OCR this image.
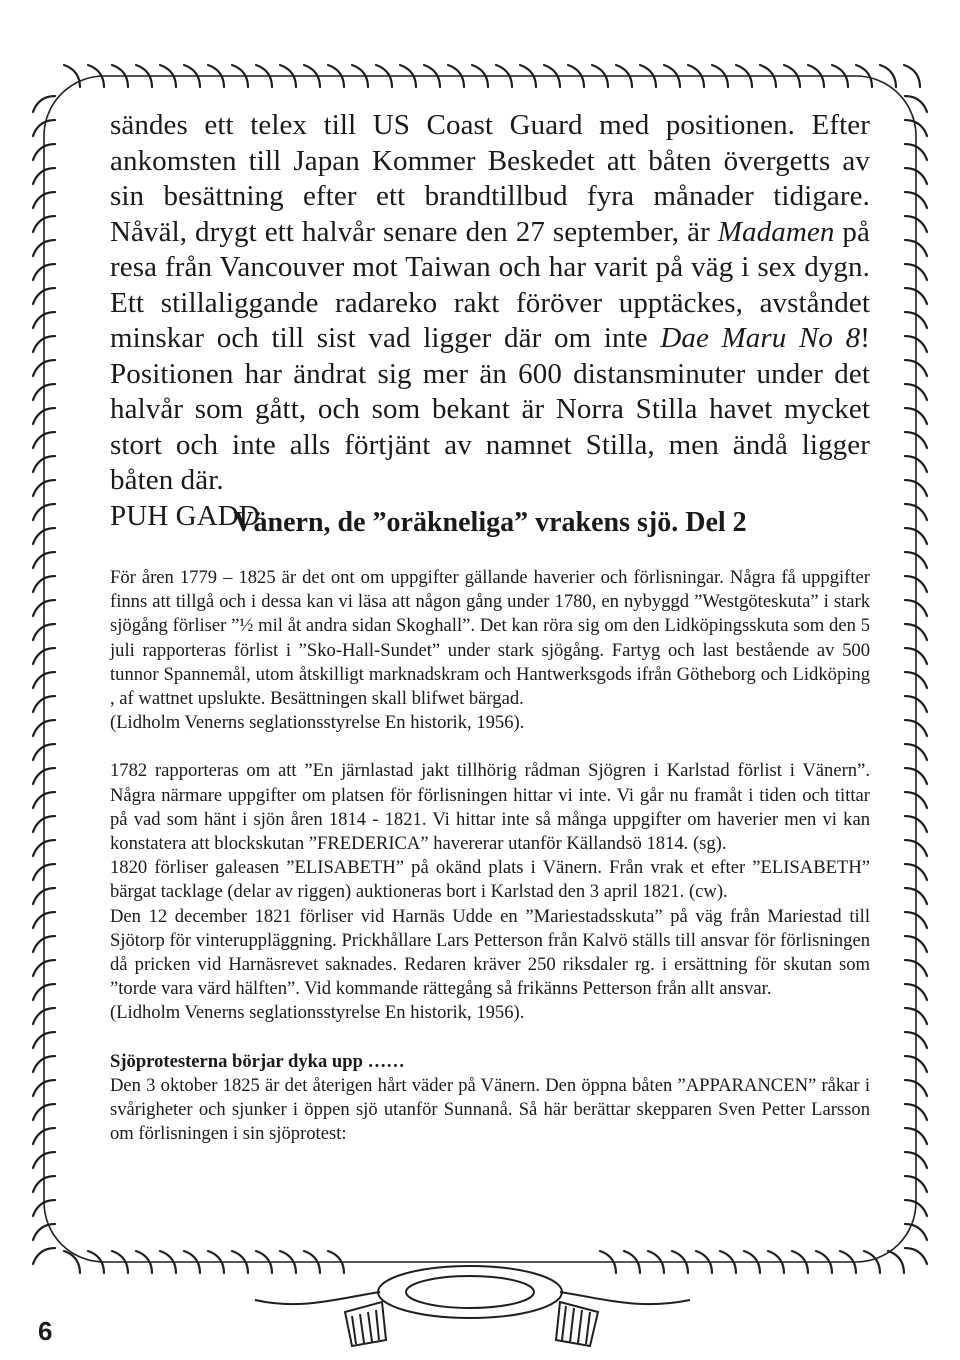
sändes ett telex till US Coast Guard med positionen. Efter ankomsten till Japan Kommer Beskedet att båten övergetts av sin besättning efter ett brandtillbud fyra månader tidigare. Nåväl, drygt ett halvår senare den 27 september, är Madamen på resa från Vancouver mot Taiwan och har varit på väg i sex dygn. Ett stillaliggande radareko rakt föröver upptäckes, avståndet minskar och till sist vad ligger där om inte Dae Maru No 8! Positionen har ändrat sig mer än 600 distansminuter under det halvår som gått, och som bekant är Norra Stilla havet mycket stort och inte alls förtjänt av namnet Stilla, men ändå ligger båten där.

PUH GADD.

Vänern, de ”oräkneliga” vrakens sjö. Del 2

För åren 1779 – 1825 är det ont om uppgifter gällande haverier och förlisningar. Några få uppgifter finns att tillgå och i dessa kan vi läsa att någon gång under 1780, en nybyggd ”Westgöteskuta” i stark sjögång förliser ”½ mil åt andra sidan Skoghall”. Det kan röra sig om den Lidköpingsskuta som den 5 juli rapporteras förlist i ”Sko-Hall-Sundet” under stark sjögång. Fartyg och last bestående av 500 tunnor Spannemål, utom åtskilligt marknadskram och Hantwerksgods ifrån Götheborg och Lidköping , af wattnet upslukte. Besättningen skall blifwet bärgad.

(Lidholm Venerns seglationsstyrelse En historik, 1956).

1782 rapporteras om att ”En järnlastad jakt tillhörig rådman Sjögren i Karlstad förlist i Vänern”. Några närmare uppgifter om platsen för förlisningen hittar vi inte. Vi går nu framåt i tiden och tittar på vad som hänt i sjön åren 1814 - 1821. Vi hittar inte så många uppgifter om haverier men vi kan konstatera att blockskutan ”FREDERICA” havererar utanför Källandsö 1814. (sg).

1820 förliser galeasen ”ELISABETH” på okänd plats i Vänern. Från vrak et efter ”ELISABETH” bärgat tacklage (delar av riggen) auktioneras bort i Karlstad den 3 april 1821. (cw).

Den 12 december 1821 förliser vid Harnäs Udde en ”Mariestadsskuta” på väg från Mariestad till Sjötorp för vinteruppläggning. Prickhållare Lars Petterson från Kalvö ställs till ansvar för förlisningen då pricken vid Harnäsrevet saknades. Redaren kräver 250 riksdaler rg. i ersättning för skutan som ”torde vara värd hälften”. Vid kommande rättegång så frikänns Petterson från allt ansvar.

(Lidholm Venerns seglationsstyrelse En historik, 1956).

Sjöprotesterna börjar dyka upp ……

Den 3 oktober 1825 är det återigen hårt väder på Vänern. Den öppna båten ”APPARANCEN” råkar i svårigheter och sjunker i öppen sjö utanför Sunnanå. Så här berättar skepparen Sven Petter Larsson om förlisningen i sin sjöprotest:

6
